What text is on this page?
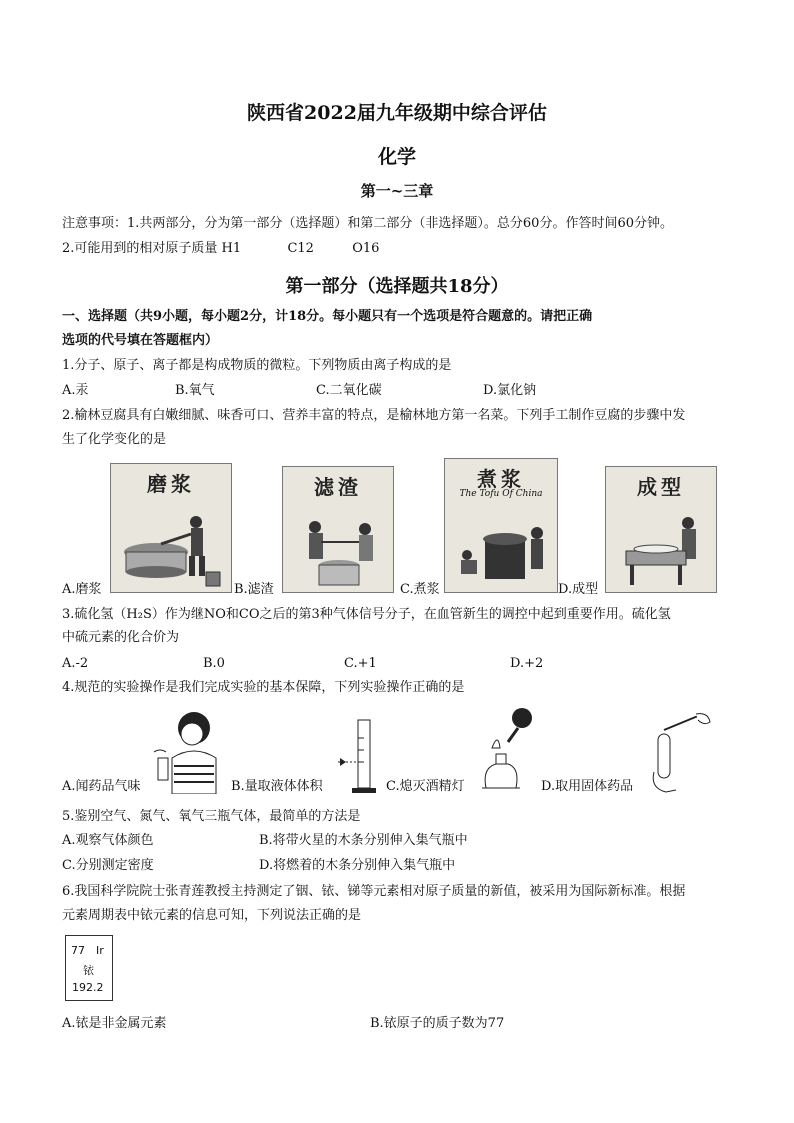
陕西省2022届九年级期中综合评估
化学
第一~三章
注意事项：1.共两部分，分为第一部分（选择题）和第二部分（非选择题）。总分60分。作答时间60分钟。
2.可能用到的相对原子质量 H1	C12	O16
第一部分（选择题共18分）
一、选择题（共9小题，每小题2分，计18分。每小题只有一个选项是符合题意的。请把正确
选项的代号填在答题框内）
1.分子、原子、离子都是构成物质的微粒。下列物质由离子构成的是
A.汞	B.氧气	C.二氧化碳	D.氯化钠
2.榆林豆腐具有白嫩细腻、味香可口、营养丰富的特点，是榆林地方第一名菜。下列手工制作豆腐的步骤中发
生了化学变化的是
磨浆	滤渣	煮浆
The Tofu Of China	成型
A.磨浆	B.滤渣	C.煮浆	D.成型
3.硫化氢（H₂S）作为继NO和CO之后的第3种气体信号分子，在血管新生的调控中起到重要作用。硫化氢
中硫元素的化合价为
A.-2	B.0	C.+1	D.+2
4.规范的实验操作是我们完成实验的基本保障，下列实验操作正确的是
A.闻药品气味	B.量取液体体积	C.熄灭酒精灯	D.取用固体药品
5.鉴别空气、氮气、氧气三瓶气体，最简单的方法是
A.观察气体颜色	B.将带火星的木条分别伸入集气瓶中
C.分别测定密度	D.将燃着的木条分别伸入集气瓶中
6.我国科学院院士张青莲教授主持测定了铟、铱、锑等元素相对原子质量的新值，被采用为国际新标准。根据
元素周期表中铱元素的信息可知，下列说法正确的是
77 Ir
铱
192.2
A.铱是非金属元素	B.铱原子的质子数为77
